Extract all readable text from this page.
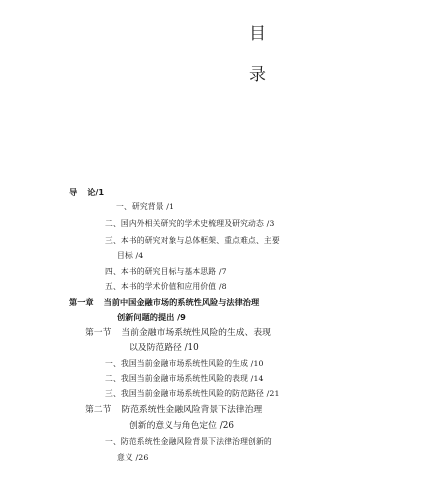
目
录
导 论/1
一、研究背景 /1
二、国内外相关研究的学术史梳理及研究动态 /3
三、本书的研究对象与总体框架、重点难点、主要
目标 /4
四、本书的研究目标与基本思路 /7
五、本书的学术价值和应用价值 /8
第一章 当前中国金融市场的系统性风险与法律治理
创新问题的提出 /9
第一节 当前金融市场系统性风险的生成、表现
以及防范路径 /10
一、我国当前金融市场系统性风险的生成 /10
二、我国当前金融市场系统性风险的表现 /14
三、我国当前金融市场系统性风险的防范路径 /21
第二节 防范系统性金融风险背景下法律治理
创新的意义与角色定位 /26
一、防范系统性金融风险背景下法律治理创新的
意义 /26
